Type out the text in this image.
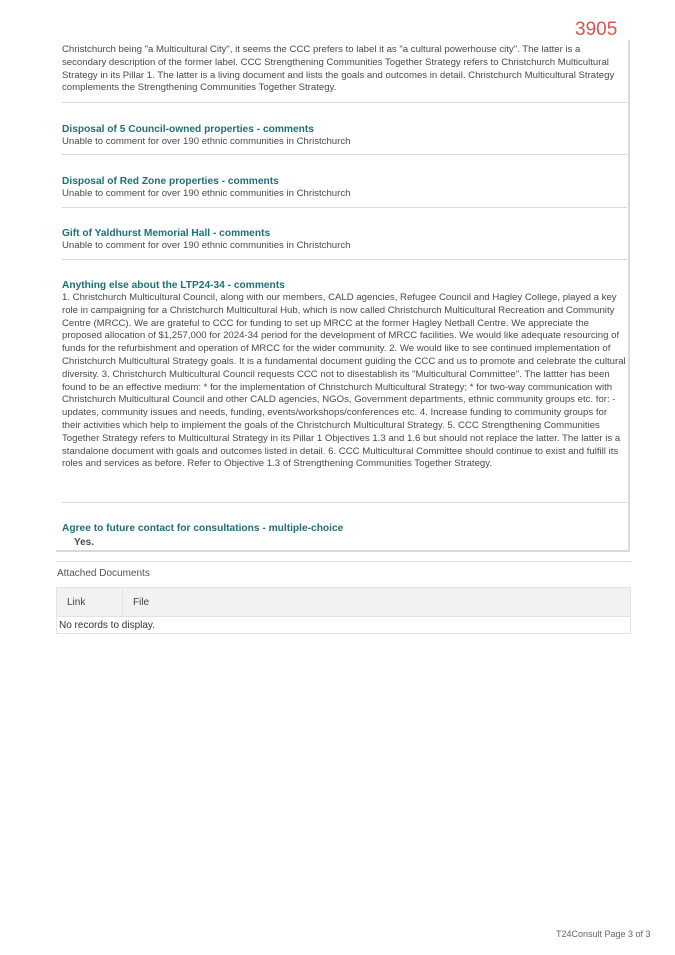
3905

Christchurch being "a Multicultural City", it seems the CCC prefers to label it as "a cultural powerhouse city". The latter is a secondary description of the former label. CCC Strengthening Communities Together Strategy refers to Christchurch Multicultural Strategy in its Pillar 1. The latter is a living document and lists the goals and outcomes in detail. Christchurch Multicultural Strategy complements the Strengthening Communities Together Strategy.

Disposal of 5 Council-owned properties - comments

Unable to comment for over 190 ethnic communities in Christchurch

Disposal of Red Zone properties - comments

Unable to comment for over 190 ethnic communities in Christchurch

Gift of Yaldhurst Memorial Hall - comments

Unable to comment for over 190 ethnic communities in Christchurch

Anything else about the LTP24-34 - comments

1. Christchurch Multicultural Council, along with our members, CALD agencies, Refugee Council and Hagley College, played a key role in campaigning for a Christchurch Multicultural Hub, which is now called Christchurch Multicultural Recreation and Community Centre (MRCC). We are grateful to CCC for funding to set up MRCC at the former Hagley Netball Centre. We appreciate the proposed allocation of $1,257,000 for 2024-34 period for the development of MRCC facilities. We would like adequate resourcing of funds for the refurbishment and operation of MRCC for the wider community. 2. We would like to see continued implementation of Christchurch Multicultural Strategy goals. It is a fundamental document guiding the CCC and us to promote and celebrate the cultural diversity. 3. Christchurch Multicultural Council requests CCC not to disestablish its "Multicultural Committee". The lattter has been found to be an effective medium: * for the implementation of Christchurch Multicultural Strategy; * for two-way communication with Christchurch Multicultural Council and other CALD agencies, NGOs, Government departments, ethnic community groups etc. for: - updates, community issues and needs, funding, events/workshops/conferences etc. 4. Increase funding to community groups for their activities which help to implement the goals of the Christchurch Multicultural Strategy. 5. CCC Strengthening Communities Together Strategy refers to Multicultural Strategy in its Pillar 1 Objectives 1.3 and 1.6 but should not replace the latter. The latter is a standalone document with goals and outcomes listed in detail. 6. CCC Multicultural Committee should continue to exist and fulfill its roles and services as before. Refer to Objective 1.3 of Strengthening Communities Together Strategy.

Agree to future contact for consultations - multiple-choice
Yes.
Attached Documents
Link	File
No records to display.
T24Consult Page 3 of 3
